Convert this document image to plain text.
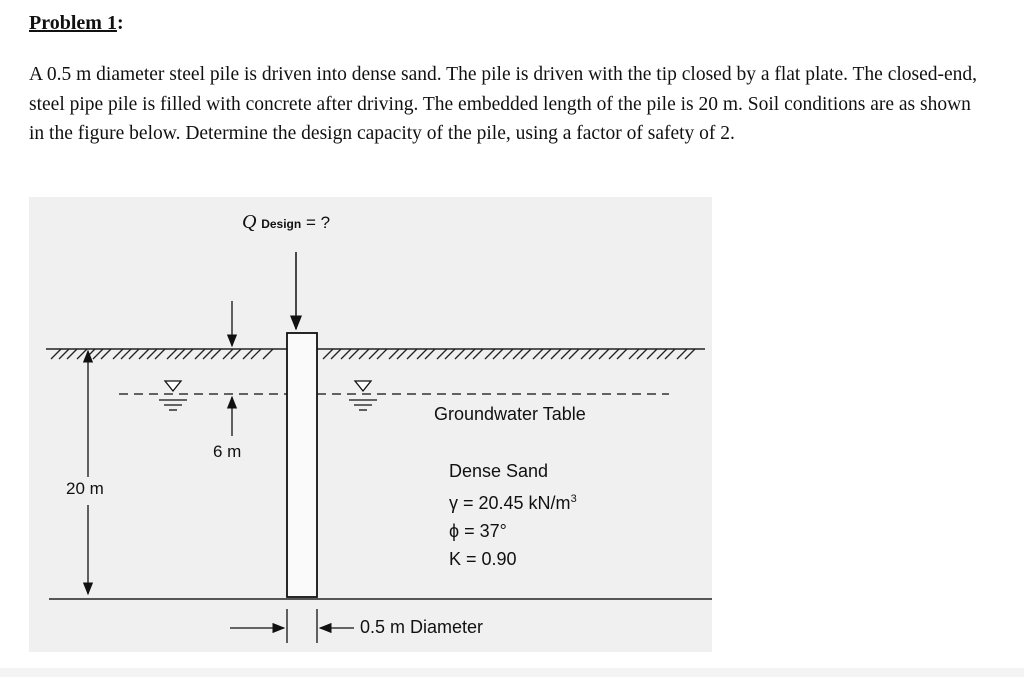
Problem 1:
A 0.5 m diameter steel pile is driven into dense sand. The pile is driven with the tip closed by a flat plate. The closed-end, steel pipe pile is filled with concrete after driving. The embedded length of the pile is 20 m. Soil conditions are as shown in the figure below. Determine the design capacity of the pile, using a factor of safety of 2.
Q Design = ?
Groundwater Table
6 m
20 m
Dense Sand
γ = 20.45 $kN/m^3$
ϕ = 37°
K = 0.90
0.5 m Diameter
